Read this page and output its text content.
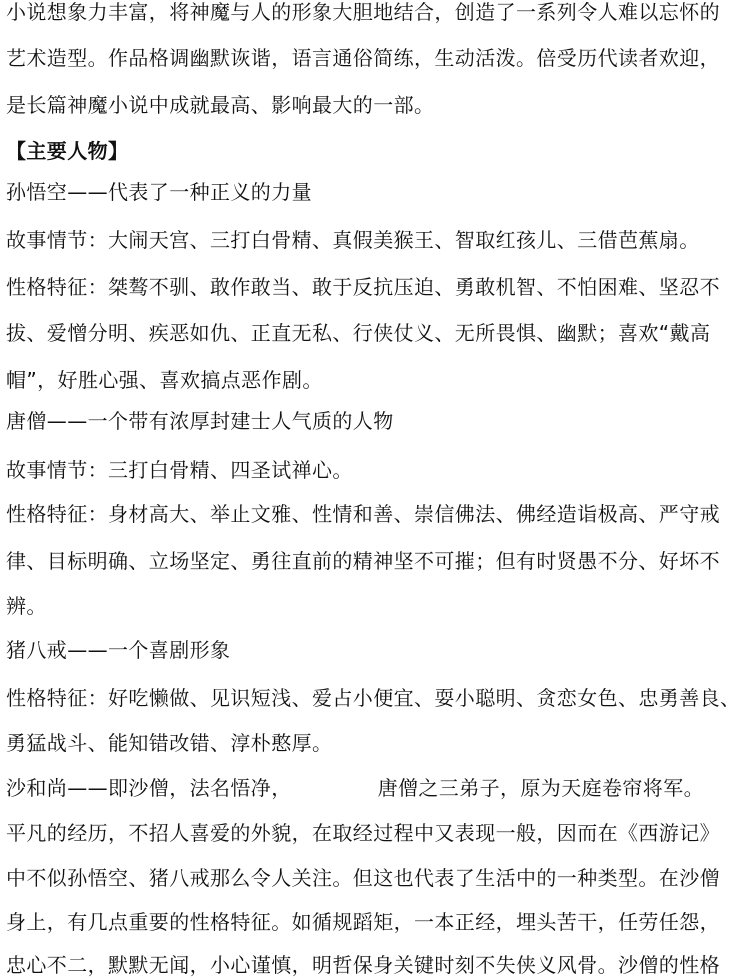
小说想象力丰富，将神魔与人的形象大胆地结合，创造了一系列令人难以忘怀的
艺术造型。作品格调幽默诙谐，语言通俗简练，生动活泼。倍受历代读者欢迎，
是长篇神魔小说中成就最高、影响最大的一部。
【主要人物】
孙悟空——代表了一种正义的力量
故事情节：大闹天宫、三打白骨精、真假美猴王、智取红孩儿、三借芭蕉扇。
性格特征：桀骜不驯、敢作敢当、敢于反抗压迫、勇敢机智、不怕困难、坚忍不
拔、爱憎分明、疾恶如仇、正直无私、行侠仗义、无所畏惧、幽默；喜欢“戴高
帽”，好胜心强、喜欢搞点恶作剧。
唐僧——一个带有浓厚封建士人气质的人物
故事情节：三打白骨精、四圣试禅心。
性格特征：身材高大、举止文雅、性情和善、崇信佛法、佛经造诣极高、严守戒
律、目标明确、立场坚定、勇往直前的精神坚不可摧；但有时贤愚不分、好坏不
辨。
猪八戒——一个喜剧形象
性格特征：好吃懒做、见识短浅、爱占小便宜、耍小聪明、贪恋女色、忠勇善良、
勇猛战斗、能知错改错、淳朴憨厚。
沙和尚——即沙僧，法名悟净，	唐僧之三弟子，原为天庭卷帘将军。
平凡的经历，不招人喜爱的外貌，在取经过程中又表现一般，因而在《西游记》
中不似孙悟空、猪八戒那么令人关注。但这也代表了生活中的一种类型。在沙僧
身上，有几点重要的性格特征。如循规蹈矩，一本正经，埋头苦干，任劳任怨，
忠心不二，默默无闻，小心谨慎，明哲保身关键时刻不失侠义风骨。沙僧的性格
